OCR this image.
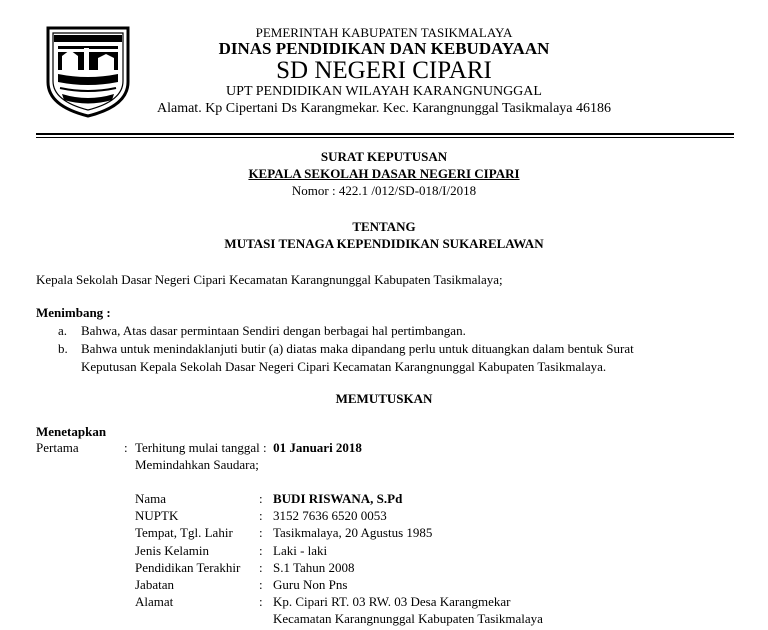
PEMERINTAH KABUPATEN TASIKMALAYA
DINAS PENDIDIKAN DAN KEBUDAYAAN
SD NEGERI CIPARI
UPT PENDIDIKAN WILAYAH KARANGNUNGGAL
Alamat. Kp Cipertani Ds Karangmekar. Kec. Karangnunggal Tasikmalaya 46186
SURAT KEPUTUSAN
KEPALA SEKOLAH DASAR NEGERI CIPARI
Nomor : 422.1 /012/SD-018/I/2018
TENTANG
MUTASI TENAGA KEPENDIDIKAN SUKARELAWAN
Kepala Sekolah Dasar Negeri Cipari Kecamatan Karangnunggal Kabupaten Tasikmalaya;
Menimbang :
a. Bahwa, Atas dasar permintaan Sendiri dengan berbagai hal pertimbangan.
b. Bahwa untuk menindaklanjuti butir (a) diatas maka dipandang perlu untuk dituangkan dalam bentuk Surat
Keputusan Kepala Sekolah Dasar Negeri Cipari Kecamatan Karangnunggal Kabupaten Tasikmalaya.
MEMUTUSKAN
Menetapkan
Pertama	: Terhitung mulai tanggal : 01 Januari 2018
Memindahkan Saudara;
Nama	: BUDI RISWANA, S.Pd
NUPTK	: 3152 7636 6520 0053
Tempat, Tgl. Lahir : Tasikmalaya, 20 Agustus 1985
Jenis Kelamin	: Laki - laki
Pendidikan Terakhir : S.1 Tahun 2008
Jabatan	: Guru Non Pns
Alamat	: Kp. Cipari RT. 03 RW. 03 Desa Karangmekar
Kecamatan Karangnunggal Kabupaten Tasikmalaya
